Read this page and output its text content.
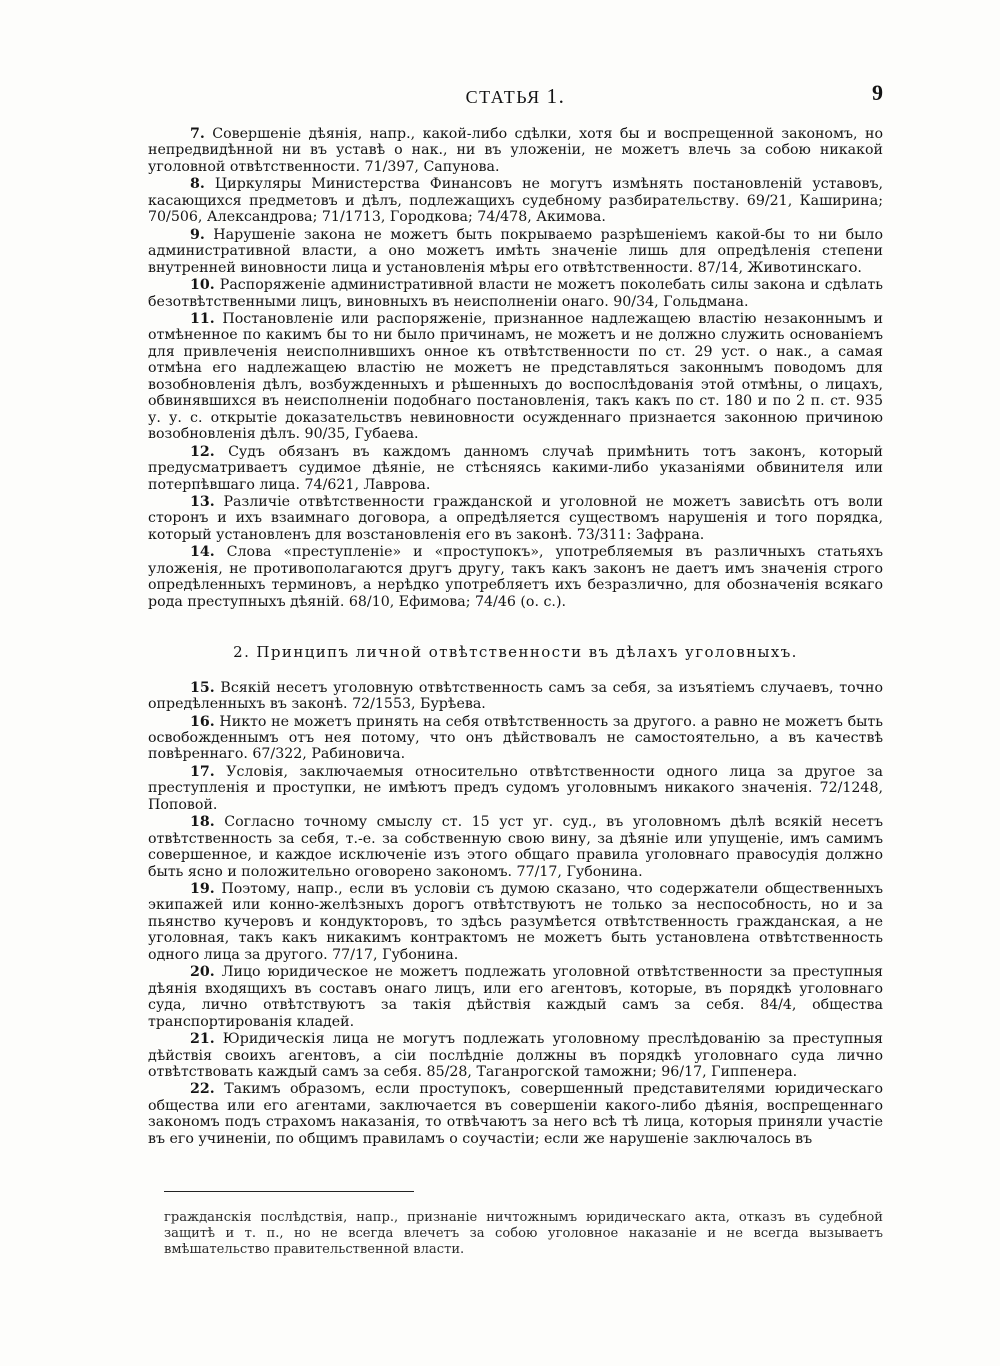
СТАТЬЯ 1.	9

7. Совершеніе дѣянія, напр., какой-либо сдѣлки, хотя бы и воспрещенной закономъ, но непредвидѣнной ни въ уставѣ о нак., ни въ уложеніи, не можетъ влечь за собою никакой уголовной отвѣтственности. 71/397, Сапунова.

8. Циркуляры Министерства Финансовъ не могутъ измѣнять постановленій уставовъ, касающихся предметовъ и дѣлъ, подлежащихъ судебному разбирательству. 69/21, Каширина; 70/506, Александрова; 71/1713, Городкова; 74/478, Акимова.

9. Нарушеніе закона не можетъ быть покрываемо разрѣшеніемъ какой-бы то ни было административной власти, а оно можетъ имѣть значеніе лишь для опредѣленія степени внутренней виновности лица и установленія мѣры его отвѣтственности. 87/14, Животинскаго.

10. Распоряженіе административной власти не можетъ поколебать силы закона и сдѣлать безотвѣтственными лицъ, виновныхъ въ неисполненіи онаго. 90/34, Гольдмана.

11. Постановленіе или распоряженіе, признанное надлежащею властію незаконнымъ и отмѣненное по какимъ бы то ни было причинамъ, не можетъ и не должно служить основаніемъ для привлеченія неисполнившихъ онное къ отвѣтственности по ст. 29 уст. о нак., а самая отмѣна его надлежащею властію не можетъ не представляться законнымъ поводомъ для возобновленія дѣлъ, возбужденныхъ и рѣшенныхъ до воспослѣдованія этой отмѣны, о лицахъ, обвинявшихся въ неисполненіи подобнаго постановленія, такъ какъ по ст. 180 и по 2 п. ст. 935 у. у. с. открытіе доказательствъ невиновности осужденнаго признается законною причиною возобновленія дѣлъ. 90/35, Губаева.

12. Судъ обязанъ въ каждомъ данномъ случаѣ примѣнить тотъ законъ, который предусматриваетъ судимое дѣяніе, не стѣсняясь какими-либо указаніями обвинителя или потерпѣвшаго лица. 74/621, Лаврова.

13. Различіе отвѣтственности гражданской и уголовной не можетъ зависѣть отъ воли сторонъ и ихъ взаимнаго договора, а опредѣляется существомъ нарушенія и того порядка, который установленъ для возстановленія его въ законѣ. 73/311: Зафрана.

14. Слова «преступленіе» и «проступокъ», употребляемыя въ различныхъ статьяхъ уложенія, не противополагаются другъ другу, такъ какъ законъ не даетъ имъ значенія строго опредѣленныхъ терминовъ, а нерѣдко употребляетъ ихъ безразлично, для обозначенія всякаго рода преступныхъ дѣяній. 68/10, Ефимова; 74/46 (о. с.).

2. Принципъ личной отвѣтственности въ дѣлахъ уголовныхъ.

15. Всякій несетъ уголовную отвѣтственность самъ за себя, за изъятіемъ случаевъ, точно опредѣленныхъ въ законѣ. 72/1553, Бурѣева.

16. Никто не можетъ принять на себя отвѣтственность за другого. а равно не можетъ быть освобожденнымъ отъ нея потому, что онъ дѣйствовалъ не самостоятельно, а въ качествѣ повѣреннаго. 67/322, Рабиновича.

17. Условія, заключаемыя относительно отвѣтственности одного лица за другое за преступленія и проступки, не имѣютъ предъ судомъ уголовнымъ никакого значенія. 72/1248, Поповой.

18. Согласно точному смыслу ст. 15 уст уг. суд., въ уголовномъ дѣлѣ всякій несетъ отвѣтственность за себя, т.-е. за собственную свою вину, за дѣяніе или упущеніе, имъ самимъ совершенное, и каждое исключеніе изъ этого общаго правила уголовнаго правосудія должно быть ясно и положительно оговорено закономъ. 77/17, Губонина.

19. Поэтому, напр., если въ условіи съ думою сказано, что содержатели общественныхъ экипажей или конно-желѣзныхъ дорогъ отвѣтствуютъ не только за неспособность, но и за пьянство кучеровъ и кондукторовъ, то здѣсь разумѣется отвѣтственность гражданская, а не уголовная, такъ какъ никакимъ контрактомъ не можетъ быть установлена отвѣтственность одного лица за другого. 77/17, Губонина.

20. Лицо юридическое не можетъ подлежать уголовной отвѣтственности за преступныя дѣянія входящихъ въ составъ онаго лицъ, или его агентовъ, которые, въ порядкѣ уголовнаго суда, лично отвѣтствуютъ за такія дѣйствія каждый самъ за себя. 84/4, общества транспортированія кладей.

21. Юридическія лица не могутъ подлежать уголовному преслѣдованію за преступныя дѣйствія своихъ агентовъ, а сіи послѣдніе должны въ порядкѣ уголовнаго суда лично отвѣтствовать каждый самъ за себя. 85/28, Таганрогской таможни; 96/17, Гиппенера.

22. Такимъ образомъ, если проступокъ, совершенный представителями юридическаго общества или его агентами, заключается въ совершеніи какого-либо дѣянія, воспрещеннаго закономъ подъ страхомъ наказанія, то отвѣчаютъ за него всѣ тѣ лица, которыя приняли участіе въ его учиненіи, по общимъ правиламъ о соучастіи; если же нарушеніе заключалось въ

гражданскія послѣдствія, напр., признаніе ничтожнымъ юридическаго акта, отказъ въ судебной защитѣ и т. п., но не всегда влечетъ за собою уголовное наказаніе и не всегда вызываетъ вмѣшательство правительственной власти.
